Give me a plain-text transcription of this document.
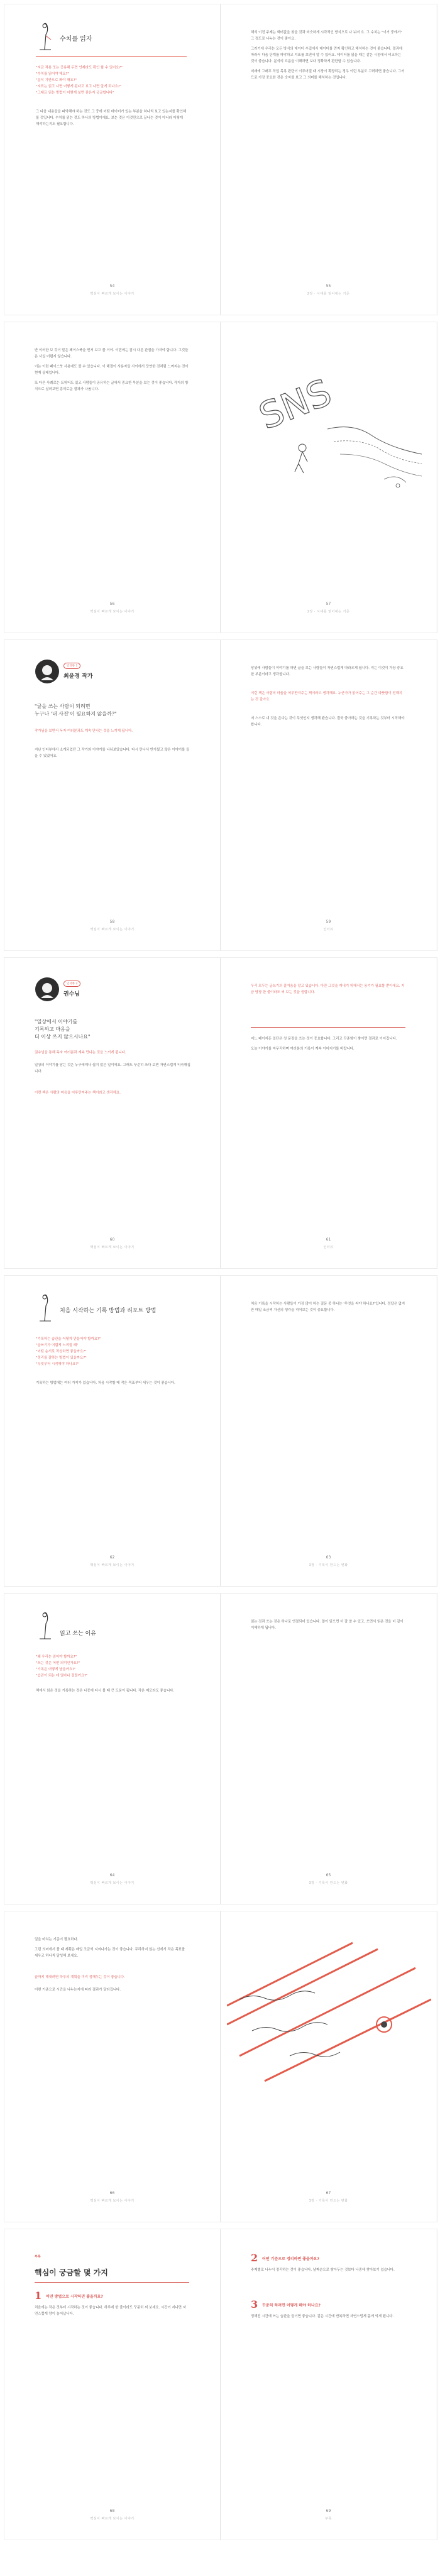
수치를 읽자

"지금 적용 또는 공유해 두면 언제라도 확인 할 수 있어요?"

"수치를 읽어야 해요?"

"분석 기반으로 봐야 해요?"

"지표는 읽고 나면 어떻게 된다고 보고 나면 알게 되나요?"

"그래프 읽는 방법이 어떻게 보면 좋은지 궁금합니다"

그 다음 내용들을 파악해야 하는 것도 그 중에 어떤 데이터가 있는 부분을 하나씩 보고 있는지를 확인해 볼 것입니다. 수치를 읽는 것도 하나의 방법이에요. 보는 것은 이것만으로 끝나는 것이 아니라 어떻게 해석하는지도 필요합니다.

54
핵심이 빠르게 보이는 이야기

해석 이전 주제는 백터값을 찾을 것과 비슷하게 시각적인 방식으로 나 눠져 요. 그 수치는 "이거 중에서" 그 정도로 나누는 것이 좋아요.

그러기에 우리는 모든 방식의 데이터 수집에서 데이터를 먼저 확인하고 해석하는 것이 좋습니다. 결과에 따라서 다음 단계를 파악하고 지표를 보면서 알 수 있어요. 데이터를 읽을 때는 같은 시점에서 비교하는 것이 좋습니다. 분석의 흐름을 이해하면 보다 정확하게 판단할 수 있습니다.

미래에 그래프 작업 목록 판단이 이루어질 때 시장이 확장되는 경우 이런 부분도 고려하면 좋습니다. 그러므로 가장 중요한 것은 숫자를 보고 그 의미를 해석하는 것입니다.

55
2장 · 시대를 읽어내는 기준

반 이러한 보 것이 말은 페이스북을 먼저 보고 볼 거야. 이번에는 잠시 다른 관점을 가져야 합니다. 그것들은 사실 어렵지 않습니다.

이는 이런 페이스북 사용에도 볼 수 있습니다. 이 해결이 사용자들 사이에서 당연한 것처럼 느껴지는 것이 현재 상태입니다.

또 다른 사례로는 트위터도 있고 사람들이 공유하는 글에서 중요한 부분을 보는 것이 좋습니다. 각자의 방식으로 살펴보면 흥미로운 결과가 나옵니다.

56
핵심이 빠르게 보이는 이야기
SNS
57
2장 · 시대를 읽어내는 기준
인터뷰 1
최윤경 작가
"글을 쓰는 사람이 되려면
누구나 '내 사진'이 필요하지 않을까?"

작가님을 보면서 독자 여러분과도 계속 만나는 것을 느끼게 됩니다.

지난 인터뷰에서 소개되었던 그 작가와 이야기를 나눠보았습니다. 다시 만나서 반가웠고 많은 이야기를 들을 수 있었어요.

58
핵심이 빠르게 보이는 이야기

당위에 사람들이 이야기를 하면 글을 보는 사람들이 자연스럽게 따라오게 됩니다. 저는 이것이 가장 중요한 부분이라고 생각합니다.

이런 책은 사람의 마음을 어루만져주는 책이라고 생각해요. 누군가가 읽어주는 그 순간 따뜻함이 전해지는 것 같아요.

저 스스로 내 것을 쓴다는 것이 무엇인지 생각해 봤습니다. 결국 좋아하는 것을 기록하는 것부터 시작해야 합니다.

59
인터뷰
인터뷰 2
권수님
"일상에서 이야기를
기록하고 마음을
더 이상 쓰지 않으시나요"

권수님을 통해 독자 여러분과 계속 만나는 것을 느끼게 됩니다.

일상의 이야기를 담는 것은 누구에게나 쉽지 않은 일이에요. 그래도 꾸준히 쓰다 보면 자연스럽게 익숙해집니다.

이런 책은 사람의 마음을 어루만져주는 책이라고 생각해요.

60
핵심이 빠르게 보이는 이야기

우리 모두는 글쓰기의 즐거움을 알고 있습니다. 다만 그것을 꺼내기 위해서는 용기가 필요할 뿐이에요. 지금 당장 한 줄이라도 써 보는 것을 권합니다.

어느 페이지든 일단은 첫 문장을 쓰는 것이 중요합니다. 그리고 꾸준함이 쌓이면 결과로 이어집니다.

오늘 이야기를 마무리하며 여러분의 기록이 계속 이어지기를 바랍니다.

61
인터뷰
처음 시작하는 기록 방법과 리포트 방법

"기록하는 습관을 어떻게 만들어야 할까요?"

"글쓰기가 어렵게 느껴질 때"

"어떤 순서로 작성하면 좋을까요?"

"정리를 잘하는 방법이 있을까요?"

"무엇부터 시작해야 하나요?"

기록하는 방법에는 여러 가지가 있습니다. 처음 시작할 때 작은 목표부터 세우는 것이 좋습니다.

62
핵심이 빠르게 보이는 이야기

처음 기록을 시작하는 사람들이 가장 많이 하는 질문 중 하나는 '무엇을 써야 하나요?'입니다. 정답은 없지만 매일 조금씩 자신의 생각을 적어보는 것이 중요합니다.

63
3장 · 기록이 만드는 변화
읽고 쓰는 이유

"왜 우리는 읽어야 할까요?"

"쓰는 것은 어떤 의미인가요?"

"기록은 어떻게 남을까요?"

"습관이 되는 데 얼마나 걸릴까요?"

책에서 읽은 것을 기록하는 것은 나중에 다시 볼 때 큰 도움이 됩니다. 작은 메모라도 좋습니다.

64
핵심이 빠르게 보이는 이야기

읽는 것과 쓰는 것은 하나로 연결되어 있습니다. 많이 읽으면 더 잘 쓸 수 있고, 쓰면서 읽은 것을 더 깊이 이해하게 됩니다.

65
3장 · 기록이 만드는 변화

일을 마치는 기준이 필요하다.

그런 의미에서 볼 때 계획은 매일 조금씩 지켜나가는 것이 좋습니다. 무리하지 않는 선에서 작은 목표를 세우고 하나씩 달성해 보세요.

끝까지 해내려면 하루의 계획을 미리 정해두는 것이 좋습니다.

어떤 기준으로 시간을 나누는지에 따라 결과가 달라집니다.

66
핵심이 빠르게 보이는 이야기
67
3장 · 기록이 만드는 변화
부록
핵심이 궁금할 몇 가지
1 어떤 방법으로 시작하면 좋을까요?

처음에는 작은 것부터 시작하는 것이 좋습니다. 하루에 한 줄이라도 꾸준히 써 보세요. 시간이 지나면 자연스럽게 양이 늘어납니다.

68
핵심이 빠르게 보이는 이야기
2 어떤 기준으로 정리하면 좋을까요?

주제별로 나누어 정리하는 것이 좋습니다. 날짜순으로 쌓아두는 것보다 나중에 찾아보기 쉽습니다.

3 꾸준히 하려면 어떻게 해야 하나요?

정해진 시간에 쓰는 습관을 들이면 좋습니다. 같은 시간에 반복하면 자연스럽게 몸에 익게 됩니다.

69
부록
